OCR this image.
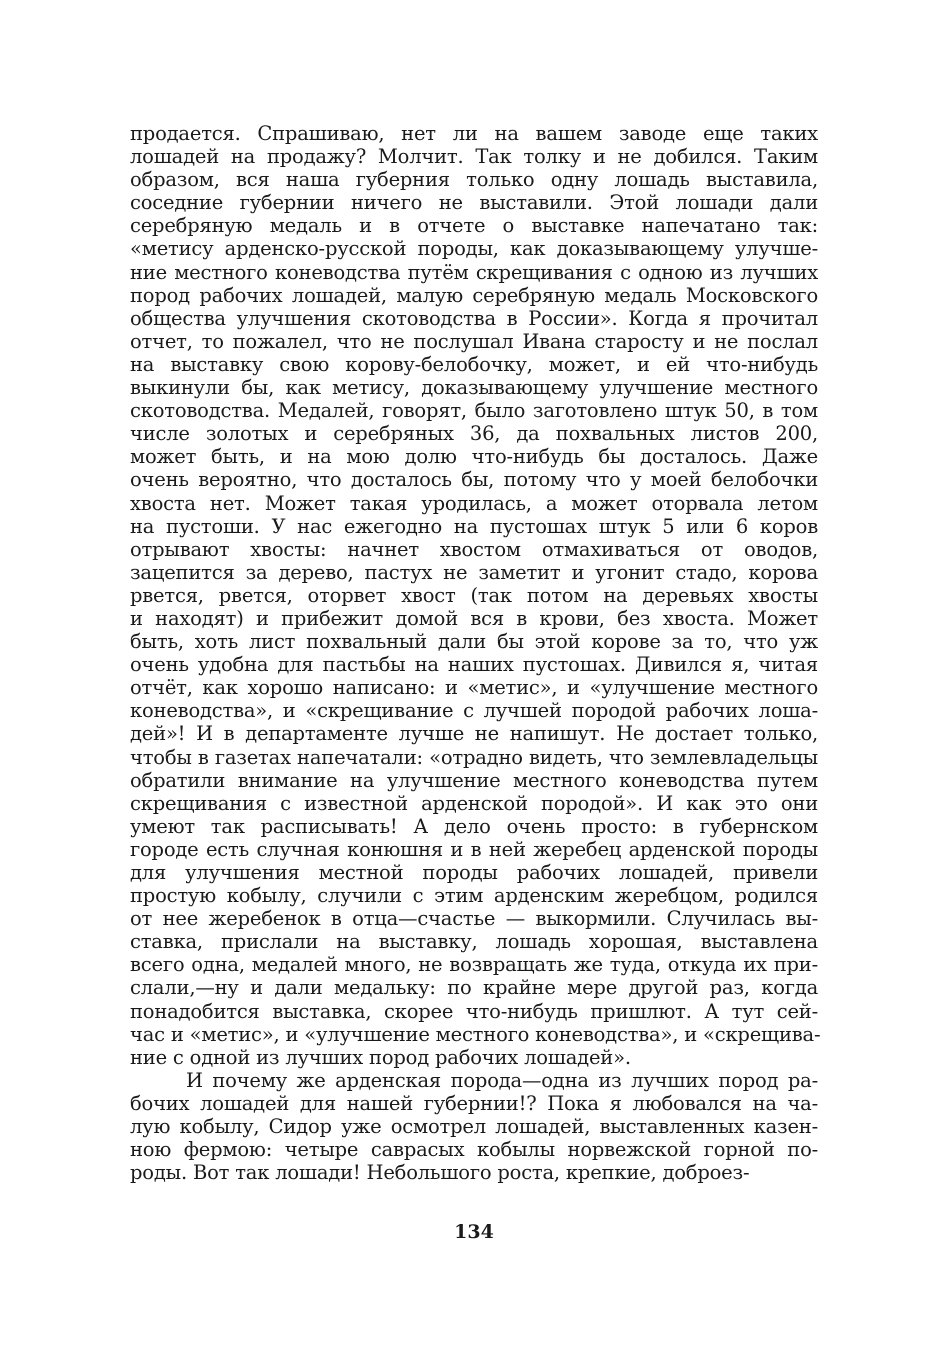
продается. Спрашиваю, нет ли на вашем заводе еще таких
лошадей на продажу? Молчит. Так толку и не добился. Таким
образом, вся наша губерния только одну лошадь выставила,
соседние губернии ничего не выставили. Этой лошади дали
серебряную медаль и в отчете о выставке напечатано так:
«метису арденско-русской породы, как доказывающему улучше-
ние местного коневодства путём скрещивания с одною из лучших
пород рабочих лошадей, малую серебряную медаль Московского
общества улучшения скотоводства в России». Когда я прочитал
отчет, то пожалел, что не послушал Ивана старосту и не послал
на выставку свою корову-белобочку, может, и ей что-нибудь
выкинули бы, как метису, доказывающему улучшение местного
скотоводства. Медалей, говорят, было заготовлено штук 50, в том
числе золотых и серебряных 36, да похвальных листов 200,
может быть, и на мою долю что-нибудь бы досталось. Даже
очень вероятно, что досталось бы, потому что у моей белобочки
хвоста нет. Может такая уродилась, а может оторвала летом
на пустоши. У нас ежегодно на пустошах штук 5 или 6 коров
отрывают хвосты: начнет хвостом отмахиваться от оводов,
зацепится за дерево, пастух не заметит и угонит стадо, корова
рвется, рвется, оторвет хвост (так потом на деревьях хвосты
и находят) и прибежит домой вся в крови, без хвоста. Может
быть, хоть лист похвальный дали бы этой корове за то, что уж
очень удобна для пастьбы на наших пустошах. Дивился я, читая
отчёт, как хорошо написано: и «метис», и «улучшение местного
коневодства», и «скрещивание с лучшей породой рабочих лоша-
дей»! И в департаменте лучше не напишут. Не достает только,
чтобы в газетах напечатали: «отрадно видеть, что землевладельцы
обратили внимание на улучшение местного коневодства путем
скрещивания с известной арденской породой». И как это они
умеют так расписывать! А дело очень просто: в губернском
городе есть случная конюшня и в ней жеребец арденской породы
для улучшения местной породы рабочих лошадей, привели
простую кобылу, случили с этим арденским жеребцом, родился
от нее жеребенок в отца—счастье — выкормили. Случилась вы-
ставка, прислали на выставку, лошадь хорошая, выставлена
всего одна, медалей много, не возвращать же туда, откуда их при-
слали,—ну и дали медальку: по крайне мере другой раз, когда
понадобится выставка, скорее что-нибудь пришлют. А тут сей-
час и «метис», и «улучшение местного коневодства», и «скрещива-
ние с одной из лучших пород рабочих лошадей».
И почему же арденская порода—одна из лучших пород ра-
бочих лошадей для нашей губернии!? Пока я любовался на ча-
лую кобылу, Сидор уже осмотрел лошадей, выставленных казен-
ною фермою: четыре саврасых кобылы норвежской горной по-
роды. Вот так лошади! Небольшого роста, крепкие, доброез-
134
